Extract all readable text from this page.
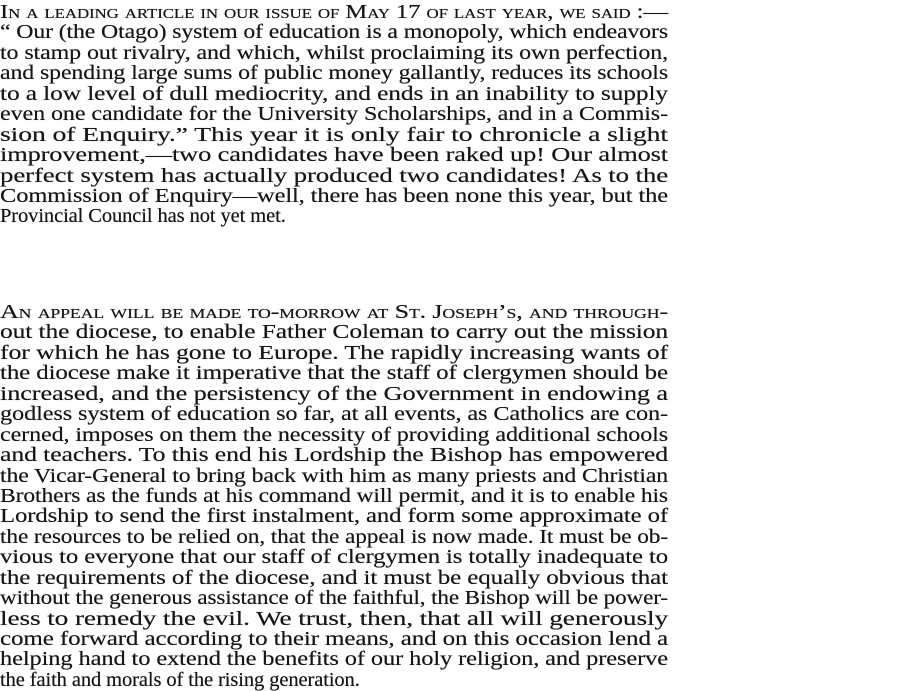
In a leading article in our issue of May 17 of last year, we said :—
“ Our (the Otago) system of education is a monopoly, which endeavors
to stamp out rivalry, and which, whilst proclaiming its own perfection,
and spending large sums of public money gallantly, reduces its schools
to a low level of dull mediocrity, and ends in an inability to supply
even one candidate for the University Scholarships, and in a Commis-
sion of Enquiry.” This year it is only fair to chronicle a slight
improvement,—two candidates have been raked up! Our almost
perfect system has actually produced two candidates! As to the
Commission of Enquiry—well, there has been none this year, but the
Provincial Council has not yet met.
An appeal will be made to-morrow at St. Joseph’s, and through-
out the diocese, to enable Father Coleman to carry out the mission
for which he has gone to Europe. The rapidly increasing wants of
the diocese make it imperative that the staff of clergymen should be
increased, and the persistency of the Government in endowing a
godless system of education so far, at all events, as Catholics are con-
cerned, imposes on them the necessity of providing additional schools
and teachers. To this end his Lordship the Bishop has empowered
the Vicar-General to bring back with him as many priests and Christian
Brothers as the funds at his command will permit, and it is to enable his
Lordship to send the first instalment, and form some approximate of
the resources to be relied on, that the appeal is now made. It must be ob-
vious to everyone that our staff of clergymen is totally inadequate to
the requirements of the diocese, and it must be equally obvious that
without the generous assistance of the faithful, the Bishop will be power-
less to remedy the evil. We trust, then, that all will generously
come forward according to their means, and on this occasion lend a
helping hand to extend the benefits of our holy religion, and preserve
the faith and morals of the rising generation.
